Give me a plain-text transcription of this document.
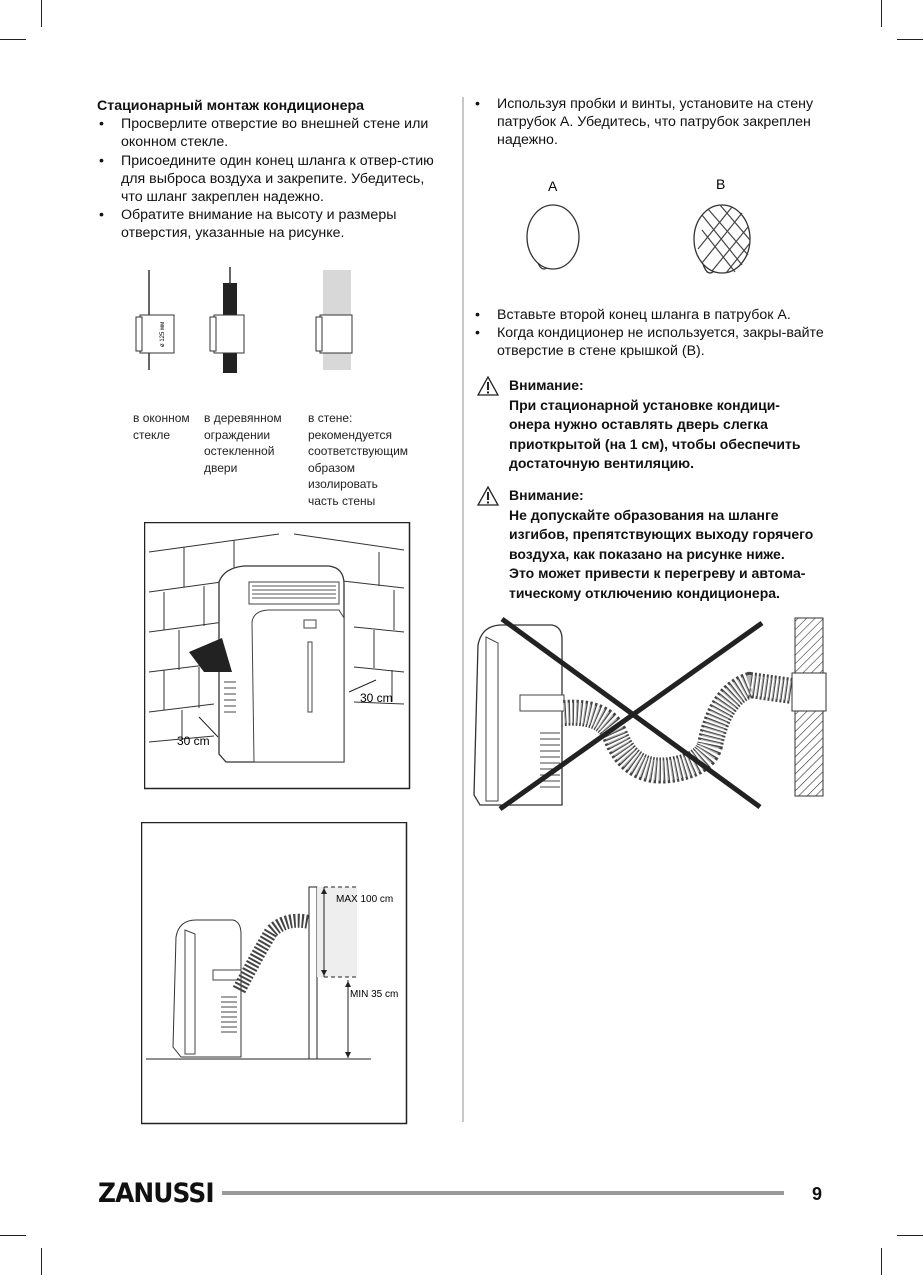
Стационарный монтаж кондиционера
• Просверлите отверстие во внешней стене или оконном стекле.
• Присоедините один конец шланга к отвер-стию для выброса воздуха и закрепите. Убедитесь, что шланг закреплен надежно.
• Обратите внимание на высоту и размеры отверстия, указанные на рисунке.
ø 125 мм
в оконном
стекле
в деревянном
ограждении
остекленной
двери
в стене:
рекомендуется
соответствующим
образом
изолировать
часть стены
30 cm
30 cm
MAX 100 cm
MIN 35 cm
• Используя пробки и винты, установите на стену патрубок A. Убедитесь, что патрубок закреплен надежно.
A	B
• Вставьте второй конец шланга в патрубок A.
• Когда кондиционер не используется, закры-вайте отверстие в стене крышкой (B).
Внимание:
При стационарной установке кондици-
онера нужно оставлять дверь слегка
приоткрытой (на 1 см), чтобы обеспечить
достаточную вентиляцию.
Внимание:
Не допускайте образования на шланге
изгибов, препятствующих выходу горячего
воздуха, как показано на рисунке ниже.
Это может привести к перегреву и автома-
тическому отключению кондиционера.
ZANUSSI	9
